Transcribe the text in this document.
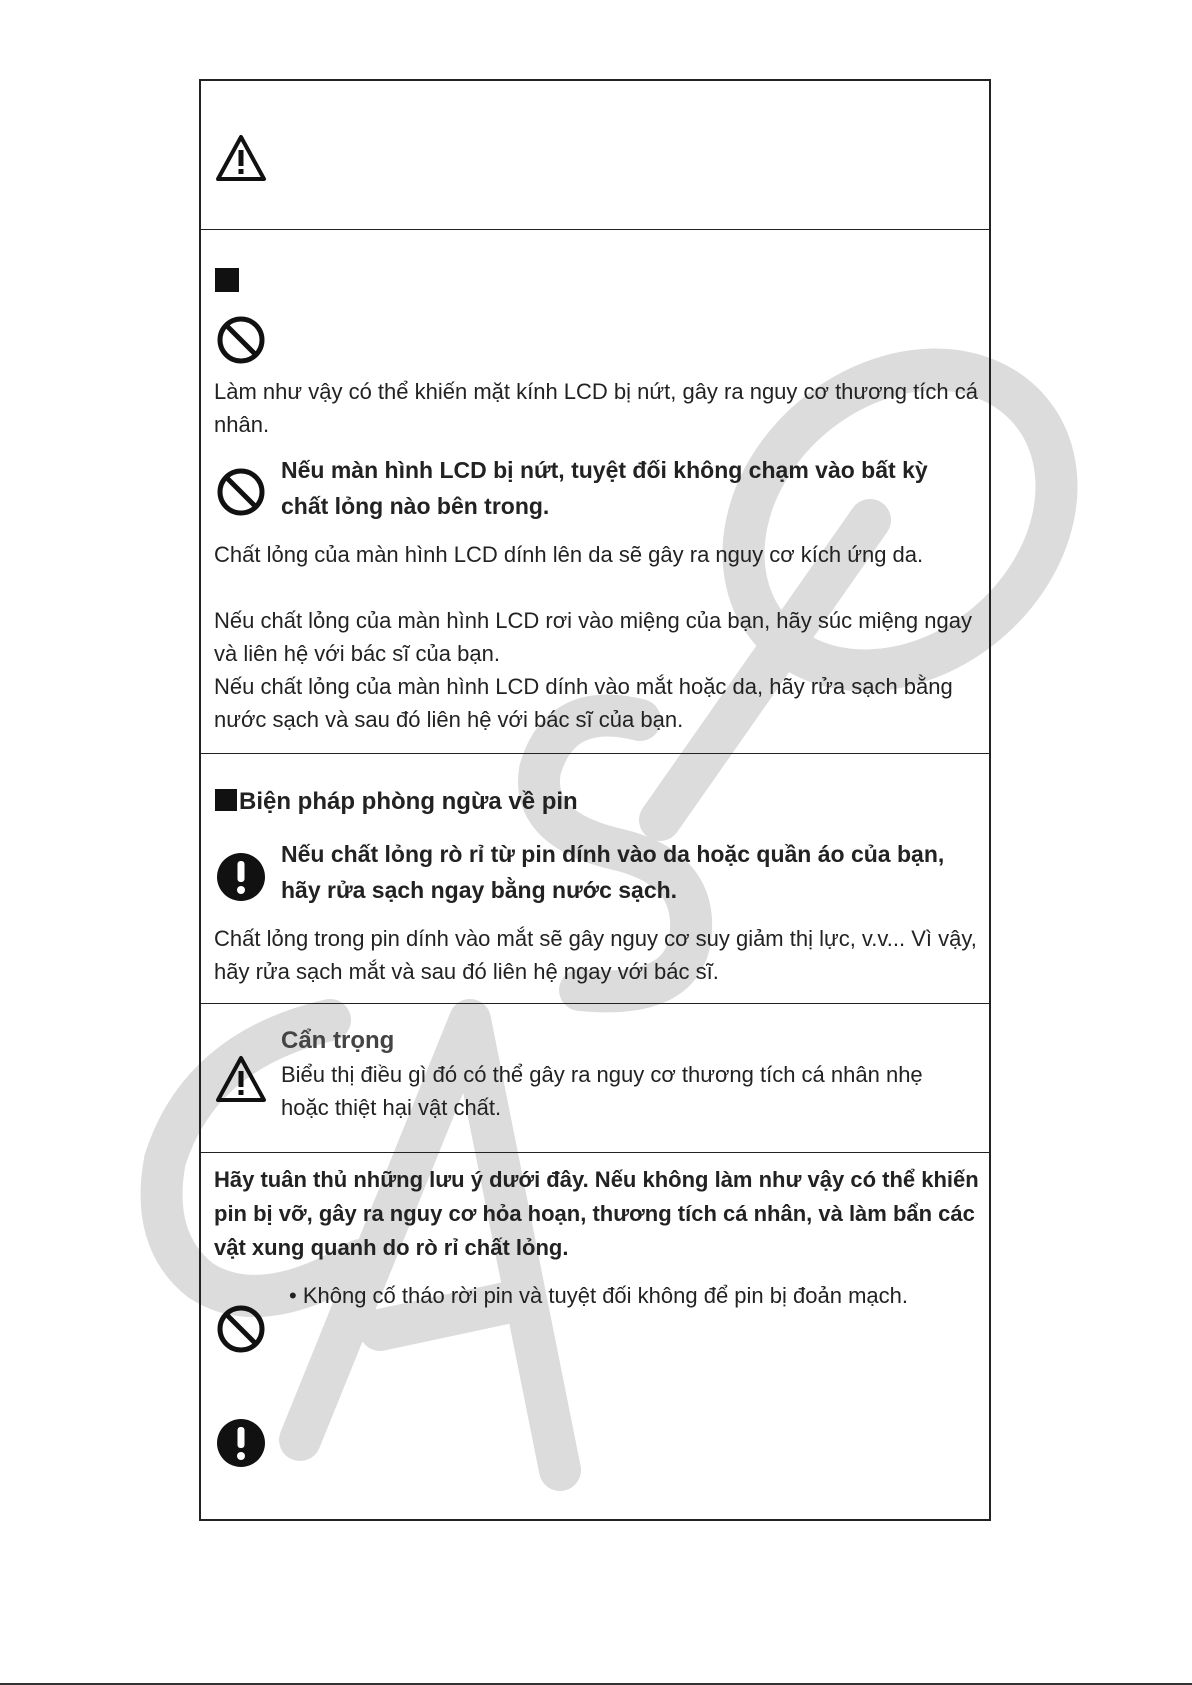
Làm như vậy có thể khiến mặt kính LCD bị nứt, gây ra nguy cơ thương tích cá nhân.
Nếu màn hình LCD bị nứt, tuyệt đối không chạm vào bất kỳ chất lỏng nào bên trong.
Chất lỏng của màn hình LCD dính lên da sẽ gây ra nguy cơ kích ứng da.
Nếu chất lỏng của màn hình LCD rơi vào miệng của bạn, hãy súc miệng ngay và liên hệ với bác sĩ của bạn.
Nếu chất lỏng của màn hình LCD dính vào mắt hoặc da, hãy rửa sạch bằng nước sạch và sau đó liên hệ với bác sĩ của bạn.
Biện pháp phòng ngừa về pin
Nếu chất lỏng rò rỉ từ pin dính vào da hoặc quần áo của bạn, hãy rửa sạch ngay bằng nước sạch.
Chất lỏng trong pin dính vào mắt sẽ gây nguy cơ suy giảm thị lực, v.v... Vì vậy, hãy rửa sạch mắt và sau đó liên hệ ngay với bác sĩ.
Cẩn trọng
Biểu thị điều gì đó có thể gây ra nguy cơ thương tích cá nhân nhẹ hoặc thiệt hại vật chất.
Hãy tuân thủ những lưu ý dưới đây. Nếu không làm như vậy có thể khiến pin bị vỡ, gây ra nguy cơ hỏa hoạn, thương tích cá nhân, và làm bẩn các vật xung quanh do rò rỉ chất lỏng.
• Không cố tháo rời pin và tuyệt đối không để pin bị đoản mạch.
